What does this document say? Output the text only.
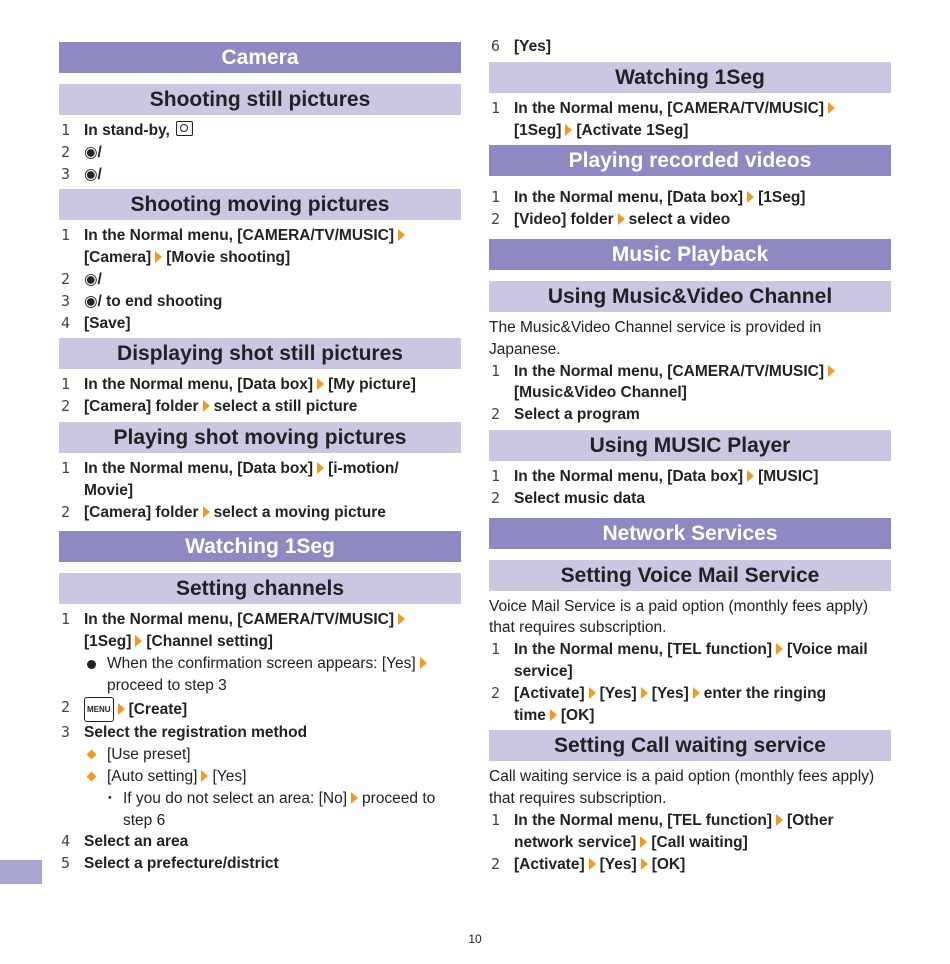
Camera
Shooting still pictures
1 In stand-by,
2 ◉/
3 ◉/
Shooting moving pictures
1 In the Normal menu, [CAMERA/TV/MUSIC]
[Camera] [Movie shooting]
2 ◉/
3 ◉/ to end shooting
4 [Save]
Displaying shot still pictures
1 In the Normal menu, [Data box] [My picture]
2 [Camera] folder select a still picture
Playing shot moving pictures
1 In the Normal menu, [Data box] [i-motion/
Movie]
2 [Camera] folder select a moving picture
Watching 1Seg
Setting channels
1 In the Normal menu, [CAMERA/TV/MUSIC]
[1Seg] [Channel setting]
When the confirmation screen appears: [Yes]
proceed to step 3
2 MENU [Create]
3 Select the registration method
[Use preset]
[Auto setting] [Yes]
･ If you do not select an area: [No] proceed to
step 6
4 Select an area
5 Select a prefecture/district
6 [Yes]
Watching 1Seg
1 In the Normal menu, [CAMERA/TV/MUSIC]
[1Seg] [Activate 1Seg]
Playing recorded videos
1 In the Normal menu, [Data box] [1Seg]
2 [Video] folder select a video
Music Playback
Using Music&Video Channel
The Music&Video Channel service is provided in Japanese.
1 In the Normal menu, [CAMERA/TV/MUSIC]
[Music&Video Channel]
2 Select a program
Using MUSIC Player
1 In the Normal menu, [Data box] [MUSIC]
2 Select music data
Network Services
Setting Voice Mail Service
Voice Mail Service is a paid option (monthly fees apply) that requires subscription.
1 In the Normal menu, [TEL function] [Voice mail
service]
2 [Activate] [Yes] [Yes] enter the ringing
time [OK]
Setting Call waiting service
Call waiting service is a paid option (monthly fees apply) that requires subscription.
1 In the Normal menu, [TEL function] [Other
network service] [Call waiting]
2 [Activate] [Yes] [OK]
10
